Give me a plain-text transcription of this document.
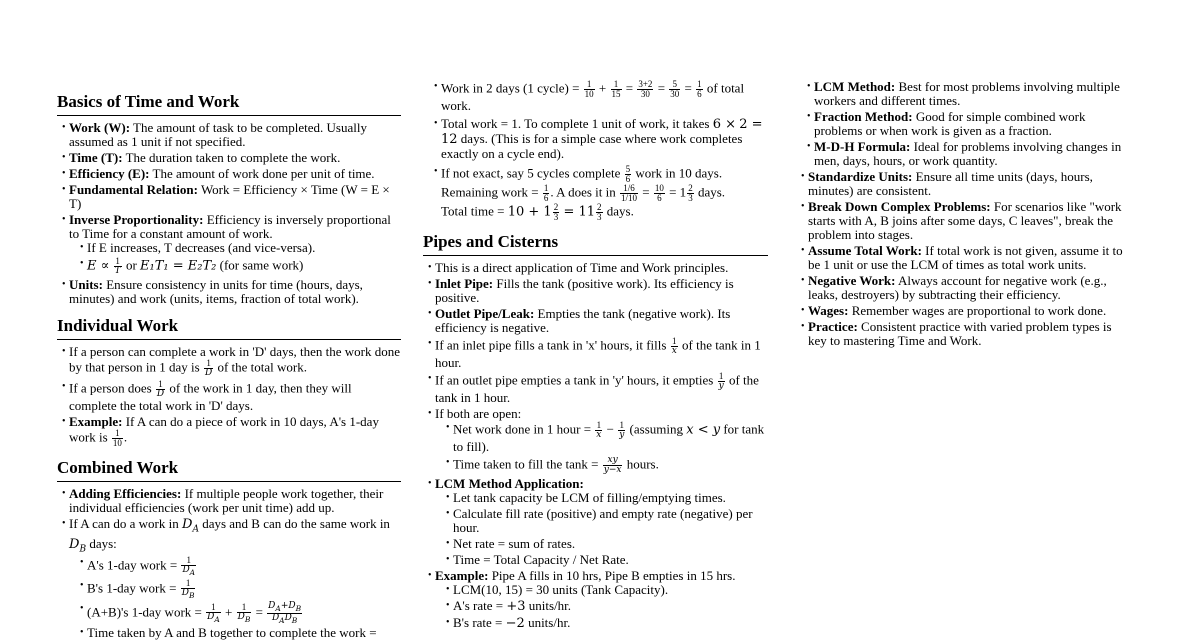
Basics of Time and Work
• Work (W): The amount of task to be completed. Usually assumed as 1 unit if not specified.
• Time (T): The duration taken to complete the work.
• Efficiency (E): The amount of work done per unit of time.
• Fundamental Relation: Work = Efficiency × Time (W = E × T)
• Inverse Proportionality: Efficiency is inversely proportional to Time for a constant amount of work.
• If E increases, T decreases (and vice-versa).
• $E \propto \frac{1}{T}$ or E₁T₁ = E₂T₂ (for same work)
• Units: Ensure consistency in units for time (hours, days, minutes) and work (units, items, fraction of total work).
Individual Work
• If a person can complete a work in 'D' days, then the work done by that person in 1 day is $\frac{1}{D}$ of the total work.
• If a person does $\frac{1}{D}$ of the work in 1 day, then they will complete the total work in 'D' days.
• Example: If A can do a piece of work in 10 days, A's 1-day work is $\frac{1}{10}$ .
Combined Work
• Adding Efficiencies: If multiple people work together, their individual efficiencies (work per unit time) add up.
• If A can do a work in $D_A$ days and B can do the same work in $D_B$ days:
• A's 1-day work = $\frac{1}{D_A}$
• B's 1-day work = $\frac{1}{D_B}$
• (A+B)'s 1-day work = $\frac{1}{D_A} + \frac{1}{D_B} = \frac{D_A+D_B}{D_AD_B}$
• Time taken by A and B together to complete the work =
• Work in 2 days (1 cycle) = $\frac{1}{10} + \frac{1}{15} = \frac{3+2}{30} = \frac{5}{30} = \frac{1}{6}$ of total work.
• Total work = 1. To complete 1 unit of work, it takes 6 × 2 = 12 days. (This is for a simple case where work completes exactly on a cycle end).
• If not exact, say 5 cycles complete $\frac{5}{6}$ work in 10 days. Remaining work = $\frac{1}{6}$ . A does it in $\frac{1/6}{1/10} = \frac{10}{6} = 1 \frac{2}{3}$ days.
Total time = $10 + 1 \frac{2}{3} = 11 \frac{2}{3}$ days.
Pipes and Cisterns
• This is a direct application of Time and Work principles.
• Inlet Pipe: Fills the tank (positive work). Its efficiency is positive.
• Outlet Pipe/Leak: Empties the tank (negative work). Its efficiency is negative.
• If an inlet pipe fills a tank in 'x' hours, it fills $\frac{1}{x}$ of the tank in 1 hour.
• If an outlet pipe empties a tank in 'y' hours, it empties $\frac{1}{y}$ of the tank in 1 hour.
• If both are open:
• Net work done in 1 hour = $\frac{1}{x} - \frac{1}{y}$ (assuming x < y for tank to fill).
• Time taken to fill the $\tan k = \frac{xy}{y-x}$ hours.
• LCM Method Application:
• Let tank capacity be LCM of filling/emptying times.
• Calculate fill rate (positive) and empty rate (negative) per hour.
• Net rate = sum of rates.
• Time = Total Capacity / Net Rate.
• Example: Pipe A fills in 10 hrs, Pipe B empties in 15 hrs.
• LCM(10, 15) = 30 units (Tank Capacity).
• A's rate = +3 units/hr.
• B's rate = −2 units/hr.
• LCM Method: Best for most problems involving multiple workers and different times.
• Fraction Method: Good for simple combined work problems or when work is given as a fraction.
• M-D-H Formula: Ideal for problems involving changes in men, days, hours, or work quantity.
• Standardize Units: Ensure all time units (days, hours, minutes) are consistent.
• Break Down Complex Problems: For scenarios like "work starts with A, B joins after some days, C leaves", break the problem into stages.
• Assume Total Work: If total work is not given, assume it to be 1 unit or use the LCM of times as total work units.
• Negative Work: Always account for negative work (e.g., leaks, destroyers) by subtracting their efficiency.
• Wages: Remember wages are proportional to work done.
• Practice: Consistent practice with varied problem types is key to mastering Time and Work.
